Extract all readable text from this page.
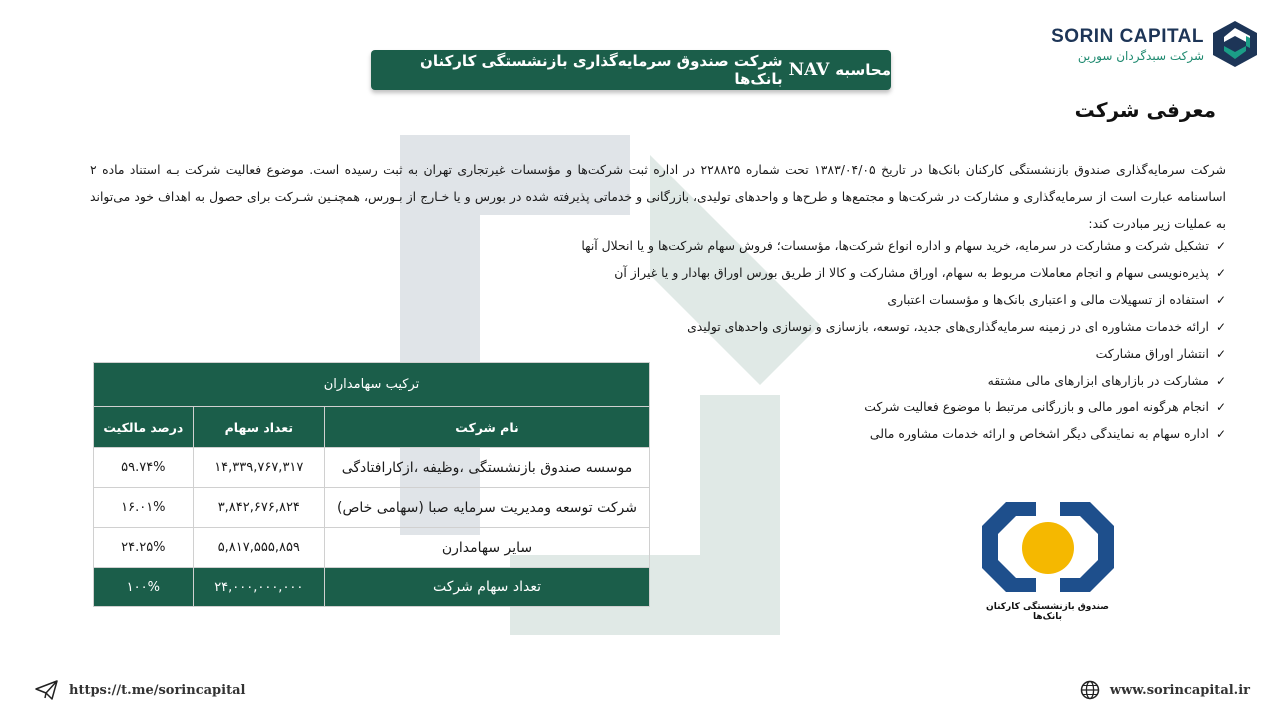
SORIN CAPITAL
شرکت سبدگردان سورین
محاسبه
NAV
شرکت صندوق سرمایه‌گذاری بازنشستگی کارکنان بانک‌ها
معرفی شرکت
شرکت سرمایه‌گذاری صندوق بازنشستگی کارکنان بانک‌ها در تاریخ ۱۳۸۳/۰۴/۰۵ تحت شماره ۲۲۸۸۲۵ در اداره ثبت شرکت‌ها و مؤسسات غیرتجاری تهران به ثبت رسیده است. موضوع فعالیت شرکت بـه استناد ماده ۲ اساسنامه عبارت است از سرمایه‌گذاری و مشارکت در شرکت‌ها و مجتمع‌ها و طرح‌ها و واحدهای تولیدی، بازرگانی و خدماتی پذیرفته شده در بورس و یا خـارج از بـورس، همچنـین شـرکت برای حصول به اهداف خود می‌تواند به عملیات زیر مبادرت کند:
✓
تشکیل شرکت و مشارکت در سرمایه، خرید سهام و اداره انواع شرکت‌ها، مؤسسات؛ فروش سهام شرکت‌ها و یا انحلال آنها
✓
پذیره‌نویسی سهام و انجام معاملات مربوط به سهام، اوراق مشارکت و کالا از طریق بورس اوراق بهادار و یا غیراز آن
✓
استفاده از تسهیلات مالی و اعتباری بانک‌ها و مؤسسات اعتباری
✓
ارائه خدمات مشاوره ای در زمینه سرمایه‌گذاری‌های جدید، توسعه، بازسازی و نوسازی واحدهای تولیدی
✓
انتشار اوراق مشارکت
✓
مشارکت در بازارهای ابزارهای مالی مشتقه
✓
انجام هرگونه امور مالی و بازرگانی مرتبط با موضوع فعالیت شرکت
✓
اداره سهام به نمایندگی دیگر اشخاص و ارائه خدمات مشاوره مالی
ترکیب سهامداران		
نام شرکت	تعداد سهام	درصد مالکیت
موسسه صندوق بازنشستگی ،وظیفه ،ازکارافتادگی	۱۴,۳۳۹,۷۶۷,۳۱۷	۵۹.۷۴%
شرکت توسعه ومدیریت سرمایه صبا (سهامی خاص)	۳,۸۴۲,۶۷۶,۸۲۴	۱۶.۰۱%
سایر سهامدارن	۵,۸۱۷,۵۵۵,۸۵۹	۲۴.۲۵%
تعداد سهام شرکت	۲۴,۰۰۰,۰۰۰,۰۰۰	۱۰۰%
صندوق بازنشستگی کارکنان بانک‌ها
https://t.me/sorincapital	www.sorincapital.ir
